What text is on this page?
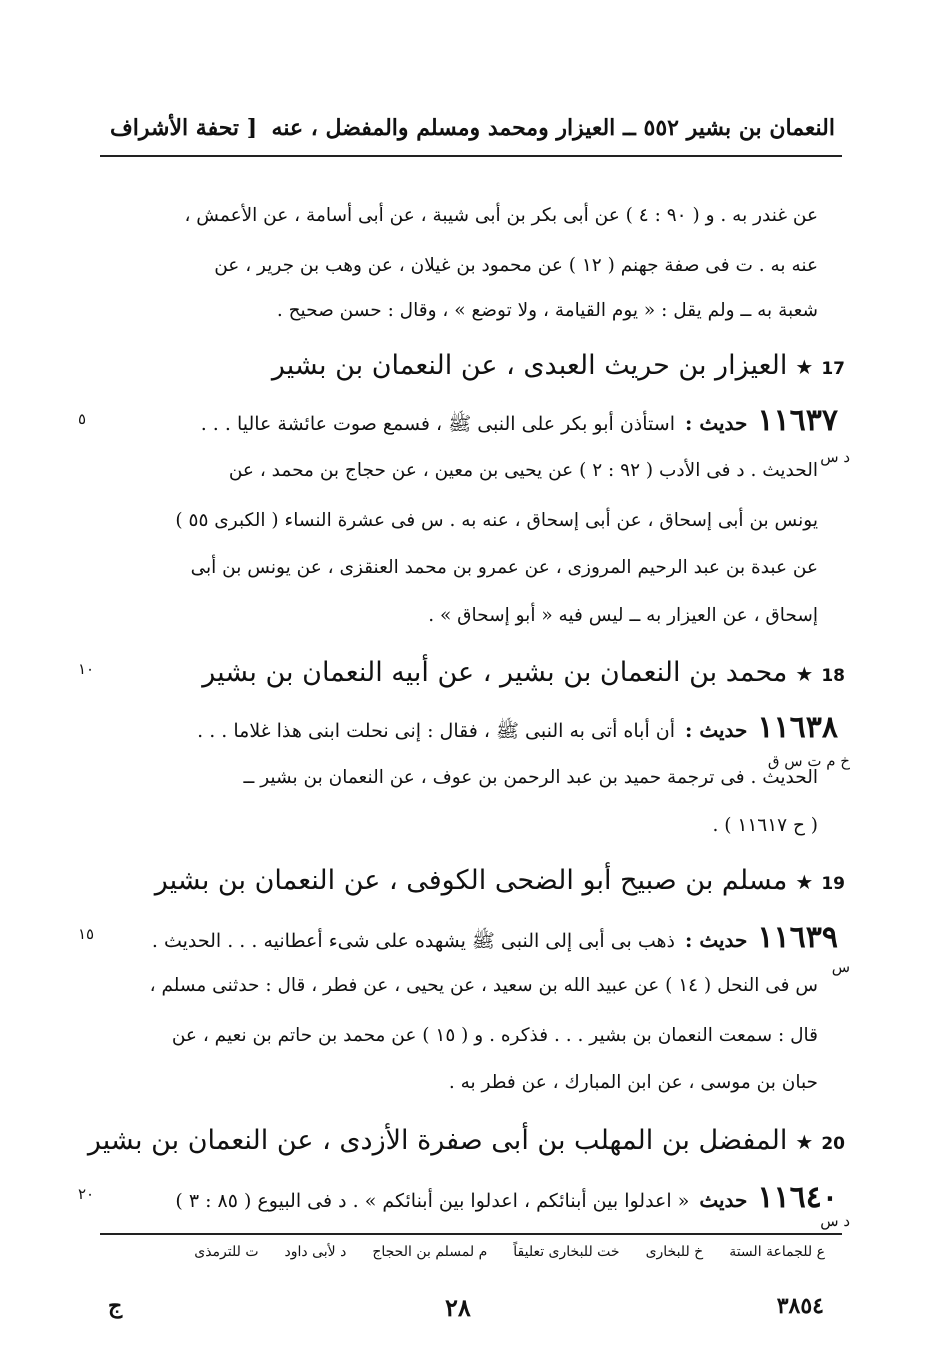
النعمان بن بشير ٥٥٢ ــ العيزار ومحمد ومسلم والمفضل ، عنه
[ تحفة الأشراف
عن غندر به . و ( ٩٠ : ٤ ) عن أبى بكر بن أبى شيبة ، عن أبى أسامة ، عن الأعمش ،
عنه به . ت فى صفة جهنم ( ١٢ ) عن محمود بن غيلان ، عن وهب بن جرير ، عن
شعبة به ــ ولم يقل : « يوم القيامة ، ولا توضع » ، وقال : حسن صحيح .
17
★
العيزار بن حريث العبدى ، عن النعمان بن بشير
١١٦٣٧
حديث :
استأذن أبو بكر على النبى ﷺ ، فسمع صوت عائشة عاليا . . .
د س
٥
الحديث . د فى الأدب ( ٩٢ : ٢ ) عن يحيى بن معين ، عن حجاج بن محمد ، عن
يونس بن أبى إسحاق ، عن أبى إسحاق ، عنه به . س فى عشرة النساء ( الكبرى ٥٥ )
عن عبدة بن عبد الرحيم المروزى ، عن عمرو بن محمد العنقزى ، عن يونس بن أبى
إسحاق ، عن العيزار به ــ ليس فيه « أبو إسحاق » .
18
★
محمد بن النعمان بن بشير ، عن أبيه النعمان بن بشير
١٠
١١٦٣٨
حديث :
أن أباه أتى به النبى ﷺ ، فقال : إنى نحلت ابنى هذا غلاما . . .
خ م ت س ق
الحديث . فى ترجمة حميد بن عبد الرحمن بن عوف ، عن النعمان بن بشير ــ
( ح ١١٦١٧ ) .
19
★
مسلم بن صبيح أبو الضحى الكوفى ، عن النعمان بن بشير
١١٦٣٩
حديث :
ذهب بى أبى إلى النبى ﷺ يشهده على شىء أعطانيه . . . الحديث .
١٥
س
س فى النحل ( ١٤ ) عن عبيد الله بن سعيد ، عن يحيى ، عن فطر ، قال : حدثنى مسلم ،
قال : سمعت النعمان بن بشير . . . فذكره . و ( ١٥ ) عن محمد بن حاتم بن نعيم ، عن
حبان بن موسى ، عن ابن المبارك ، عن فطر به .
20
★
المفضل بن المهلب بن أبى صفرة الأزدى ، عن النعمان بن بشير
١١٦٤٠
حديث
« اعدلوا بين أبنائكم ، اعدلوا بين أبنائكم » . د فى البيوع ( ٨٥ : ٣ )
٢٠
د س
ع للجماعة الستة
خ للبخارى
خت للبخارى تعليقاً
م لمسلم بن الحجاج
د لأبى داود
ت للترمذى
٣٨٥٤
٢٨
ج
